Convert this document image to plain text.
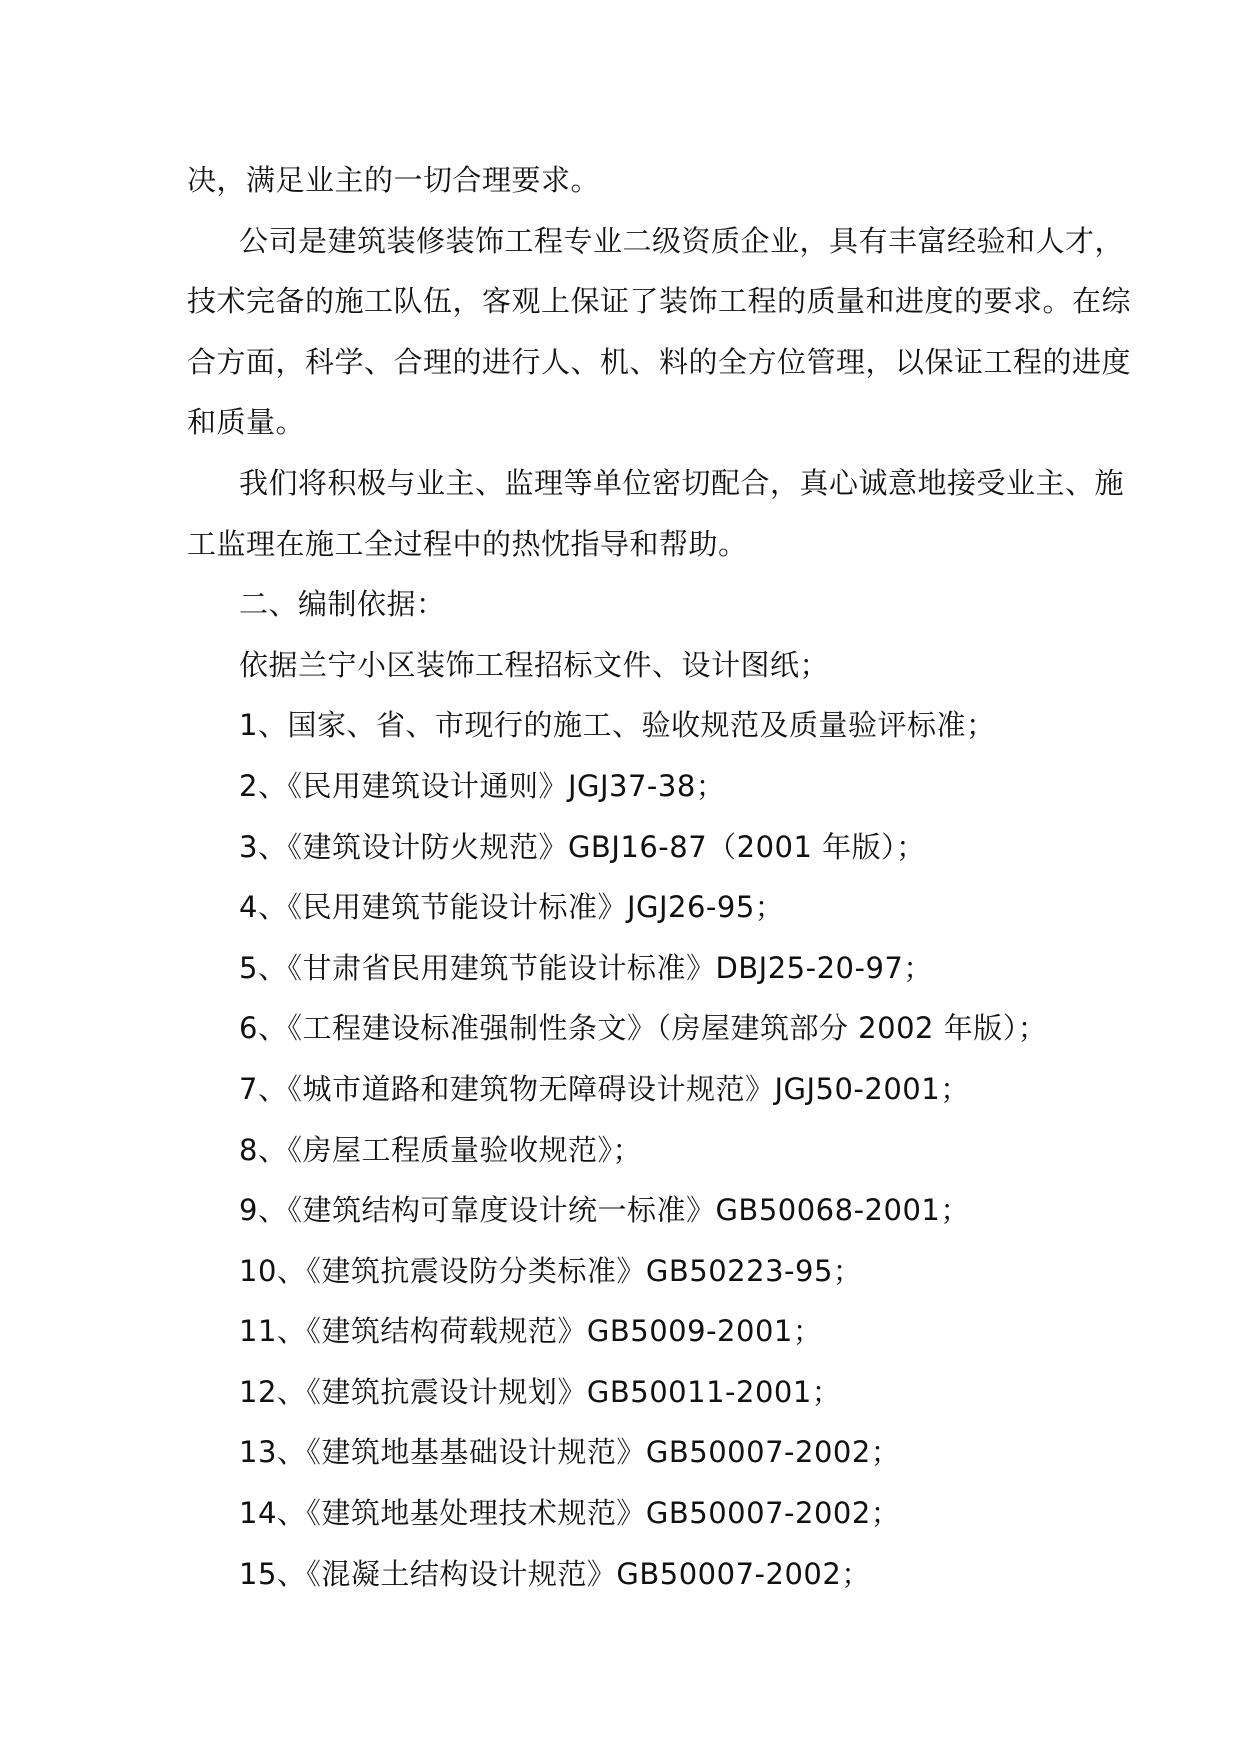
决，满足业主的一切合理要求。
公司是建筑装修装饰工程专业二级资质企业，具有丰富经验和人才，
技术完备的施工队伍，客观上保证了装饰工程的质量和进度的要求。在综
合方面，科学、合理的进行人、机、料的全方位管理，以保证工程的进度
和质量。
我们将积极与业主、监理等单位密切配合，真心诚意地接受业主、施
工监理在施工全过程中的热忱指导和帮助。
二、编制依据：
依据兰宁小区装饰工程招标文件、设计图纸；
1、国家、省、市现行的施工、验收规范及质量验评标准；
2、《民用建筑设计通则》JGJ37-38；
3、《建筑设计防火规范》GBJ16-87（2001 年版）；
4、《民用建筑节能设计标准》JGJ26-95；
5、《甘肃省民用建筑节能设计标准》DBJ25-20-97；
6、《工程建设标准强制性条文》（房屋建筑部分 2002 年版）；
7、《城市道路和建筑物无障碍设计规范》JGJ50-2001；
8、《房屋工程质量验收规范》；
9、《建筑结构可靠度设计统一标准》GB50068-2001；
10、《建筑抗震设防分类标准》GB50223-95；
11、《建筑结构荷载规范》GB5009-2001；
12、《建筑抗震设计规划》GB50011-2001；
13、《建筑地基基础设计规范》GB50007-2002；
14、《建筑地基处理技术规范》GB50007-2002；
15、《混凝土结构设计规范》GB50007-2002；
